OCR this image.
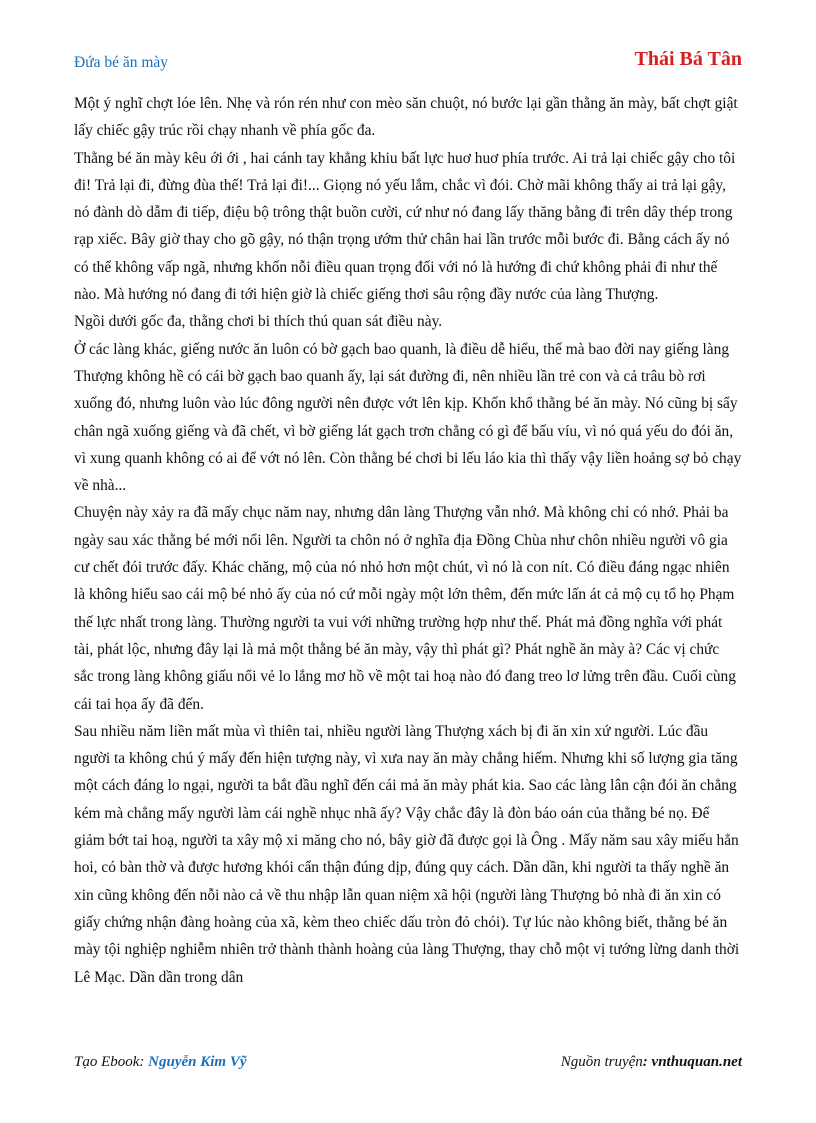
Đứa bé ăn mày	Thái Bá Tân

Một ý nghĩ chợt lóe lên. Nhẹ và rón rén như con mèo săn chuột, nó bước lại gần thằng ăn mày, bất chợt giật lấy chiếc gậy trúc rồi chạy nhanh về phía gốc đa.

Thằng bé ăn mày kêu ới ới , hai cánh tay khẳng khiu bất lực huơ huơ phía trước. Ai trả lại chiếc gậy cho tôi đi! Trả lại đi, đừng đùa thế! Trả lại đi!... Giọng nó yếu lắm, chắc vì đói. Chờ mãi không thấy ai trả lại gậy, nó đành dò dẫm đi tiếp, điệu bộ trông thật buồn cười, cứ như nó đang lấy thăng bằng đi trên dây thép trong rạp xiếc. Bây giờ thay cho gõ gậy, nó thận trọng ướm thử chân hai lần trước mỗi bước đi. Bằng cách ấy nó có thể không vấp ngã, nhưng khốn nỗi điều quan trọng đối với nó là hướng đi chứ không phải đi như thế nào. Mà hướng nó đang đi tới hiện giờ là chiếc giếng thơi sâu rộng đầy nước của làng Thượng.

Ngồi dưới gốc đa, thằng chơi bi thích thú quan sát điều này.

Ở các làng khác, giếng nước ăn luôn có bờ gạch bao quanh, là điều dễ hiểu, thế mà bao đời nay giếng làng Thượng không hề có cái bờ gạch bao quanh ấy, lại sát đường đi, nên nhiều lần trẻ con và cả trâu bò rơi xuống đó, nhưng luôn vào lúc đông người nên được vớt lên kịp. Khốn khổ thằng bé ăn mày. Nó cũng bị sẩy chân ngã xuống giếng và đã chết, vì bờ giếng lát gạch trơn chẳng có gì để bấu víu, vì nó quá yếu do đói ăn, vì xung quanh không có ai để vớt nó lên. Còn thằng bé chơi bi lếu láo kia thì thấy vậy liền hoảng sợ bỏ chạy về nhà...

Chuyện này xảy ra đã mấy chục năm nay, nhưng dân làng Thượng vẫn nhớ. Mà không chỉ có nhớ. Phải ba ngày sau xác thằng bé mới nổi lên. Người ta chôn nó ở nghĩa địa Đồng Chùa như chôn nhiều người vô gia cư chết đói trước đấy. Khác chăng, mộ của nó nhỏ hơn một chút, vì nó là con nít. Có điều đáng ngạc nhiên là không hiểu sao cái mộ bé nhỏ ấy của nó cứ mỗi ngày một lớn thêm, đến mức lấn át cả mộ cụ tổ họ Phạm thế lực nhất trong làng. Thường người ta vui với những trường hợp như thế. Phát mả đồng nghĩa với phát tài, phát lộc, nhưng đây lại là mả một thằng bé ăn mày, vậy thì phát gì? Phát nghề ăn mày à? Các vị chức sắc trong làng không giấu nổi vẻ lo lắng mơ hồ về một tai hoạ nào đó đang treo lơ lửng trên đầu. Cuối cùng cái tai họa ấy đã đến.

Sau nhiều năm liền mất mùa vì thiên tai, nhiều người làng Thượng xách bị đi ăn xin xứ người. Lúc đầu người ta không chú ý mấy đến hiện tượng này, vì xưa nay ăn mày chẳng hiếm. Nhưng khi số lượng gia tăng một cách đáng lo ngại, người ta bắt đầu nghĩ đến cái mả ăn mày phát kia. Sao các làng lân cận đói ăn chẳng kém mà chẳng mấy người làm cái nghề nhục nhã ấy? Vậy chắc đây là đòn báo oán của thằng bé nọ. Để giảm bớt tai hoạ, người ta xây mộ xi măng cho nó, bây giờ đã được gọi là Ông . Mấy năm sau xây miếu hẳn hoi, có bàn thờ và được hương khói cẩn thận đúng dịp, đúng quy cách. Dần dần, khi người ta thấy nghề ăn xin cũng không đến nỗi nào cả về thu nhập lẫn quan niệm xã hội (người làng Thượng bỏ nhà đi ăn xin có giấy chứng nhận đàng hoàng của xã, kèm theo chiếc dấu tròn đỏ chói). Tự lúc nào không biết, thằng bé ăn mày tội nghiệp nghiễm nhiên trở thành thành hoàng của làng Thượng, thay chỗ một vị tướng lừng danh thời Lê Mạc. Dần dần trong dân

Tạo Ebook: Nguyễn Kim Vỹ	Nguồn truyện: vnthuquan.net
